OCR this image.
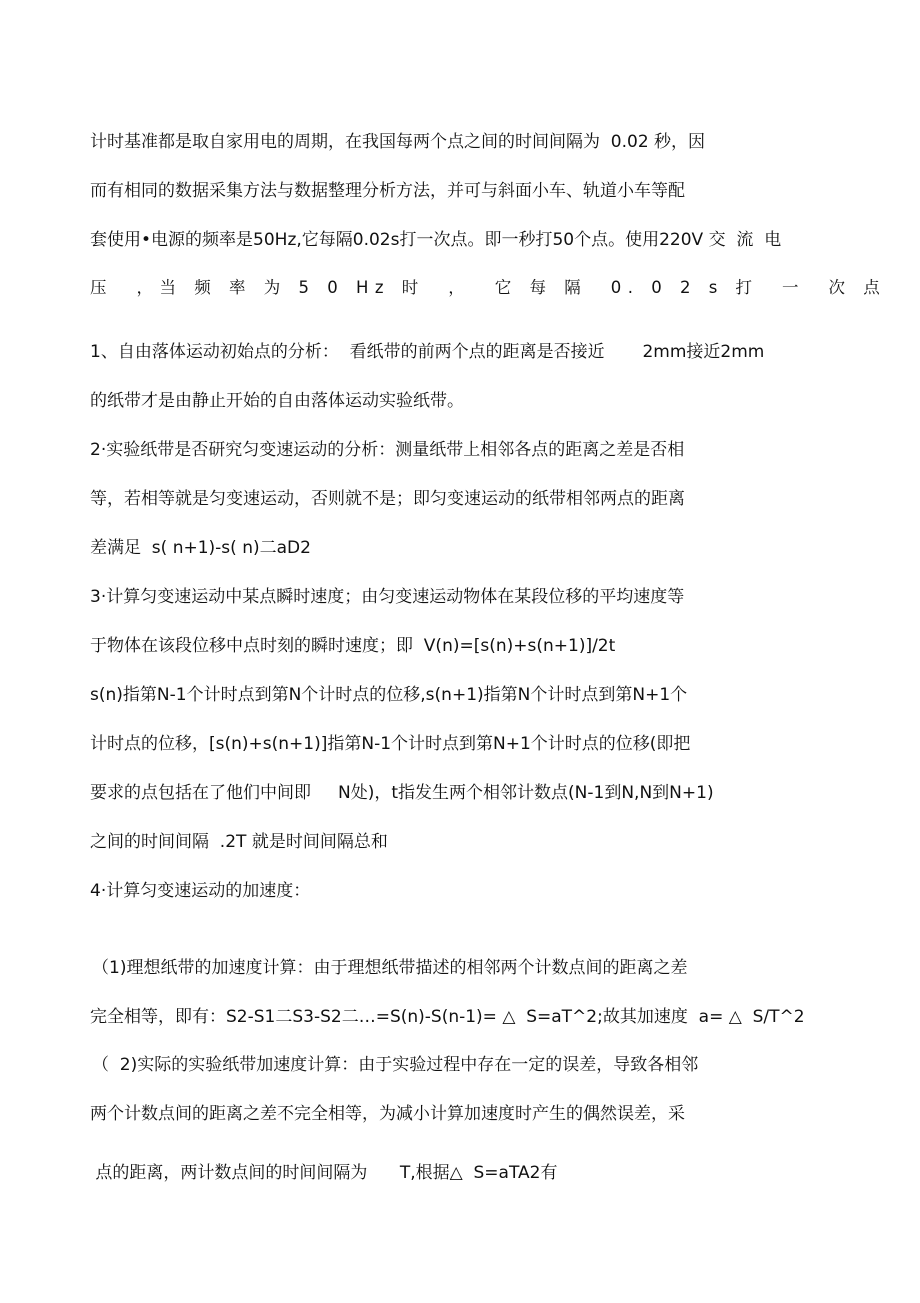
计时基准都是取自家用电的周期，在我国每两个点之间的时间间隔为  0.02 秒，因
而有相同的数据采集方法与数据整理分析方法，并可与斜面小车、轨道小车等配
套使用•电源的频率是50Hz,它每隔0.02s打一次点。即一秒打50个点。使用220V 交  流  电
压  ，当 频 率 为 5 0 Hz 时  ，  它 每 隔  0. 0 2 s 打  一  次 点
1、自由落体运动初始点的分析：  看纸带的前两个点的距离是否接近       2mm接近2mm
的纸带才是由静止开始的自由落体运动实验纸带。
2·实验纸带是否研究匀变速运动的分析：测量纸带上相邻各点的距离之差是否相
等，若相等就是匀变速运动，否则就不是；即匀变速运动的纸带相邻两点的距离
差满足  s( n+1)-s( n)二aD2
3·计算匀变速运动中某点瞬时速度；由匀变速运动物体在某段位移的平均速度等
于物体在该段位移中点时刻的瞬时速度；即  V(n)=[s(n)+s(n+1)]/2t
s(n)指第N-1个计时点到第N个计时点的位移,s(n+1)指第N个计时点到第N+1个
计时点的位移，[s(n)+s(n+1)]指第N-1个计时点到第N+1个计时点的位移(即把
要求的点包括在了他们中间即     N处)，t指发生两个相邻计数点(N-1到N,N到N+1)
之间的时间间隔  .2T 就是时间间隔总和
4·计算匀变速运动的加速度：
（1)理想纸带的加速度计算：由于理想纸带描述的相邻两个计数点间的距离之差
完全相等，即有：S2-S1二S3-S2二…=S(n)-S(n-1)= △  S=aT^2;故其加速度  a= △  S/T^2
（  2)实际的实验纸带加速度计算：由于实验过程中存在一定的误差，导致各相邻
两个计数点间的距离之差不完全相等，为减小计算加速度时产生的偶然误差，采
点的距离，两计数点间的时间间隔为      T,根据△  S=aTA2有
